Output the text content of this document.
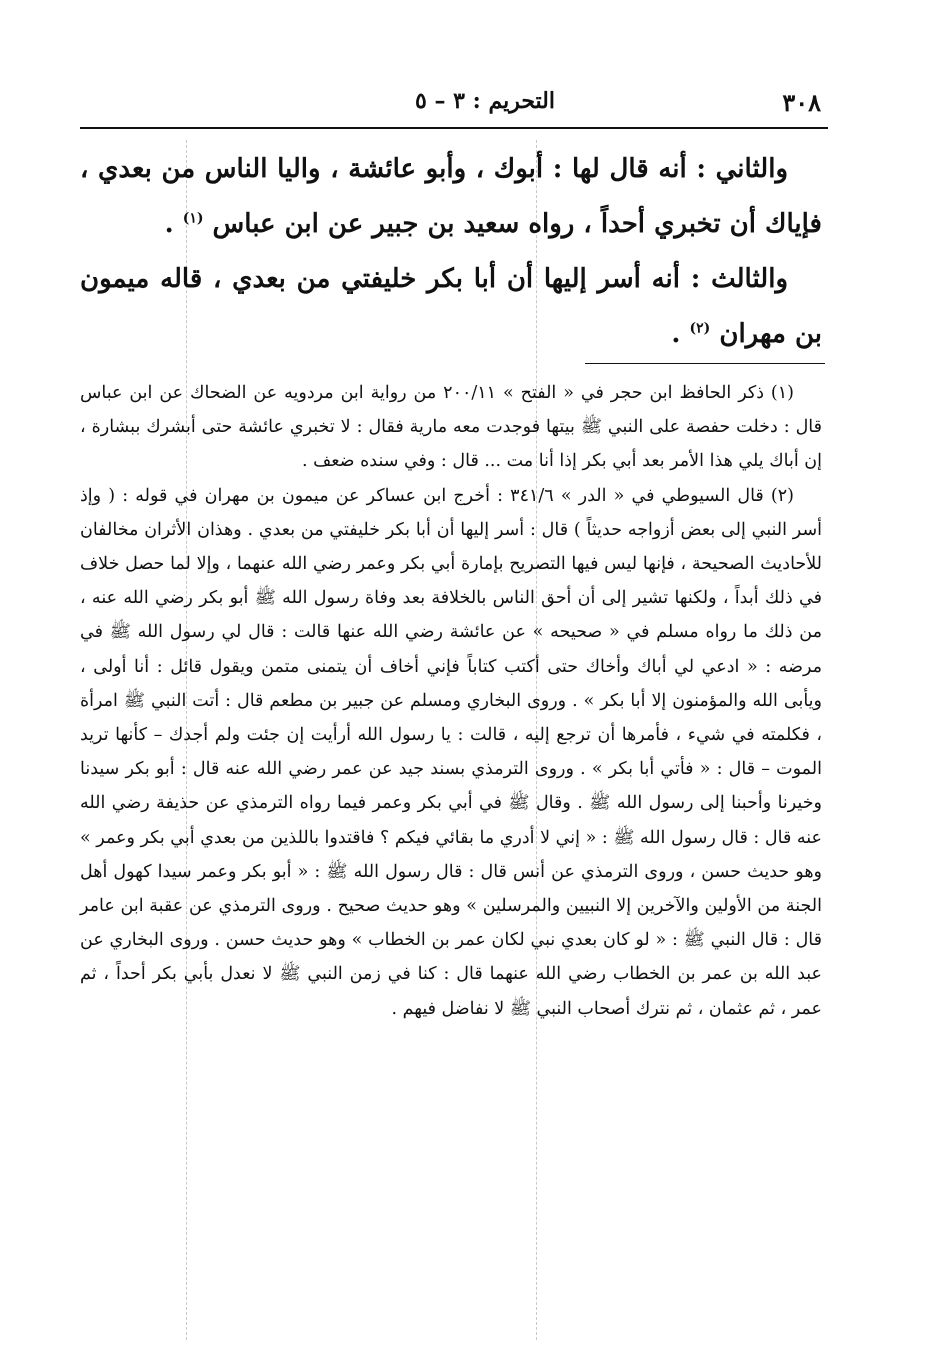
٣٠٨
التحريم : ٣ – ٥

والثاني : أنه قال لها : أبوك ، وأبو عائشة ، واليا الناس من بعدي ، فإياك أن تخبري أحداً ، رواه سعيد بن جبير عن ابن عباس $^{(١)}$ .

والثالث : أنه أسر إليها أن أبا بكر خليفتي من بعدي ، قاله ميمون بن مهران $^{(٢)}$ .

(١) ذكر الحافظ ابن حجر في « الفتح » ٢٠٠/١١ من رواية ابن مردويه عن الضحاك عن ابن عباس قال : دخلت حفصة على النبي ﷺ بيتها فوجدت معه مارية فقال : لا تخبري عائشة حتى أبشرك ببشارة ، إن أباك يلي هذا الأمر بعد أبي بكر إذا أنا مت ... قال : وفي سنده ضعف .

(٢) قال السيوطي في « الدر » ٣٤١/٦ : أخرج ابن عساكر عن ميمون بن مهران في قوله : ( وإذ أسر النبي إلى بعض أزواجه حديثاً ) قال : أسر إليها أن أبا بكر خليفتي من بعدي . وهذان الأثران مخالفان للأحاديث الصحيحة ، فإنها ليس فيها التصريح بإمارة أبي بكر وعمر رضي الله عنهما ، وإلا لما حصل خلاف في ذلك أبداً ، ولكنها تشير إلى أن أحق الناس بالخلافة بعد وفاة رسول الله ﷺ أبو بكر رضي الله عنه ، من ذلك ما رواه مسلم في « صحيحه » عن عائشة رضي الله عنها قالت : قال لي رسول الله ﷺ في مرضه : « ادعي لي أباك وأخاك حتى أكتب كتاباً فإني أخاف أن يتمنى متمن ويقول قائل : أنا أولى ، ويأبى الله والمؤمنون إلا أبا بكر » . وروى البخاري ومسلم عن جبير بن مطعم قال : أتت النبي ﷺ امرأة ، فكلمته في شيء ، فأمرها أن ترجع إليه ، قالت : يا رسول الله أرأيت إن جئت ولم أجدك – كأنها تريد الموت – قال : « فأتي أبا بكر » . وروى الترمذي بسند جيد عن عمر رضي الله عنه قال : أبو بكر سيدنا وخيرنا وأحبنا إلى رسول الله ﷺ . وقال ﷺ في أبي بكر وعمر فيما رواه الترمذي عن حذيفة رضي الله عنه قال : قال رسول الله ﷺ : « إني لا أدري ما بقائي فيكم ؟ فاقتدوا باللذين من بعدي أبي بكر وعمر » وهو حديث حسن ، وروى الترمذي عن أنس قال : قال رسول الله ﷺ : « أبو بكر وعمر سيدا كهول أهل الجنة من الأولين والآخرين إلا النبيين والمرسلين » وهو حديث صحيح . وروى الترمذي عن عقبة ابن عامر قال : قال النبي ﷺ : « لو كان بعدي نبي لكان عمر بن الخطاب » وهو حديث حسن . وروى البخاري عن عبد الله بن عمر بن الخطاب رضي الله عنهما قال : كنا في زمن النبي ﷺ لا نعدل بأبي بكر أحداً ، ثم عمر ، ثم عثمان ، ثم نترك أصحاب النبي ﷺ لا نفاضل فيهم .
